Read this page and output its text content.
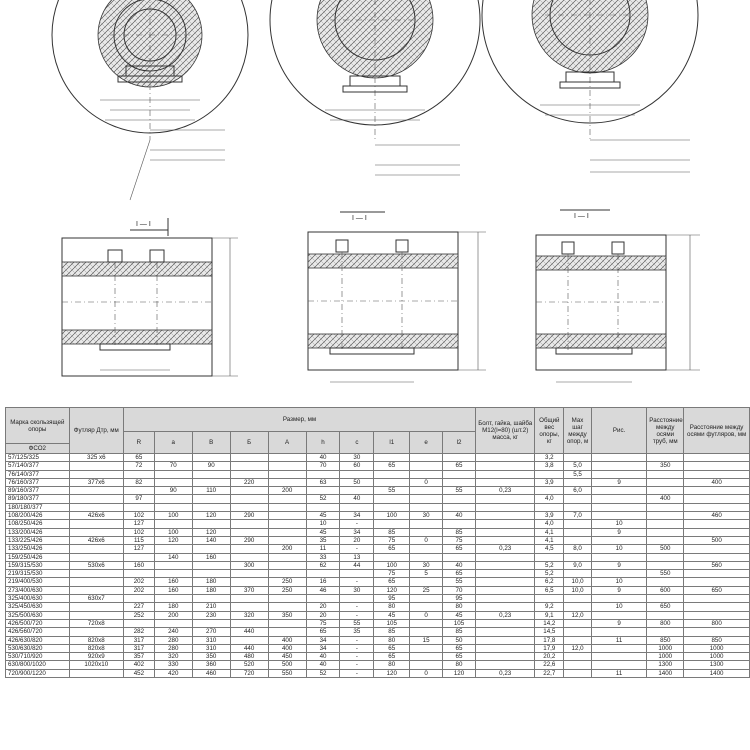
I — I
I — I	I — I
Марка скользящей опоры	Футляр Дтр, мм	Размер, мм										Болт, гайка, шайба М12(l=80) (шт.2) масса, кг	Общий вес опоры, кг	Мах шаг между опор, м	Рис.	Расстояние между осями труб, мм	Расстояние между осями футляров, мм
		R	a	B	Б	A	h	c	l1	e	l2						
ФСО2																	
57/125/325	325 х6	65					40	30					3,2				
57/140/377		72	70	90			70	60	65		65		3,8	5,0		350	
76/140/377														5,5			
76/160/377	377х6	82			220		63	50		0			3,9		9		400
89/160/377			90	110		200			55		55	0,23		6,0			
89/180/377		97					52	40					4,0			400	
180/180/377																	
108/200/426	426х6	102	100	120	290		45	34	100	30	40		3,9	7,0			460
108/250/426		127					10	-					4,0		10		
133/200/426		102	100	120			45	34	85		85		4,1		9		
133/225/426	426х6	115	120	140	290		35	20	75	0	75		4,1				500
133/250/426		127				200	11	-	65		65	0,23	4,5	8,0	10	500	
159/250/426			140	160			33	13									
159/315/530	530х6	160			300		62	44	100	30	40		5,2	9,0	9		560
219/315/530									75	5	65		5,2			550	
219/400/530		202	160	180		250	16	-	65		55		6,2	10,0	10		
273/400/630		202	160	180	370	250	46	30	120	25	70		6,5	10,0	9	600	650
325/400/630	630х7								95		95						
325/450/630		227	180	210			20	-	80		80		9,2		10	650	
325/500/630		252	200	230	320	350	20	-	45	0	45	0,23	9,1	12,0			
426/500/720	720х8						75	55	105		105		14,2		9	800	800
426/560/720		282	240	270	440		65	35	85		85		14,5				
426/630/820	820х8	317	280	310		400	34	-	80	15	50		17,8		11	850	850
530/630/820	820х8	317	280	310	440	400	34	-	65		65		17,9	12,0		1000	1000
530/710/920	920х9	357	320	350	480	450	40	-	65		65		20,2			1000	1000
630/800/1020	1020х10	402	330	360	520	500	40	-	80		80		22,6			1300	1300
720/900/1220		452	420	460	720	550	52	-	120	0	120	0,23	22,7		11	1400	1400
